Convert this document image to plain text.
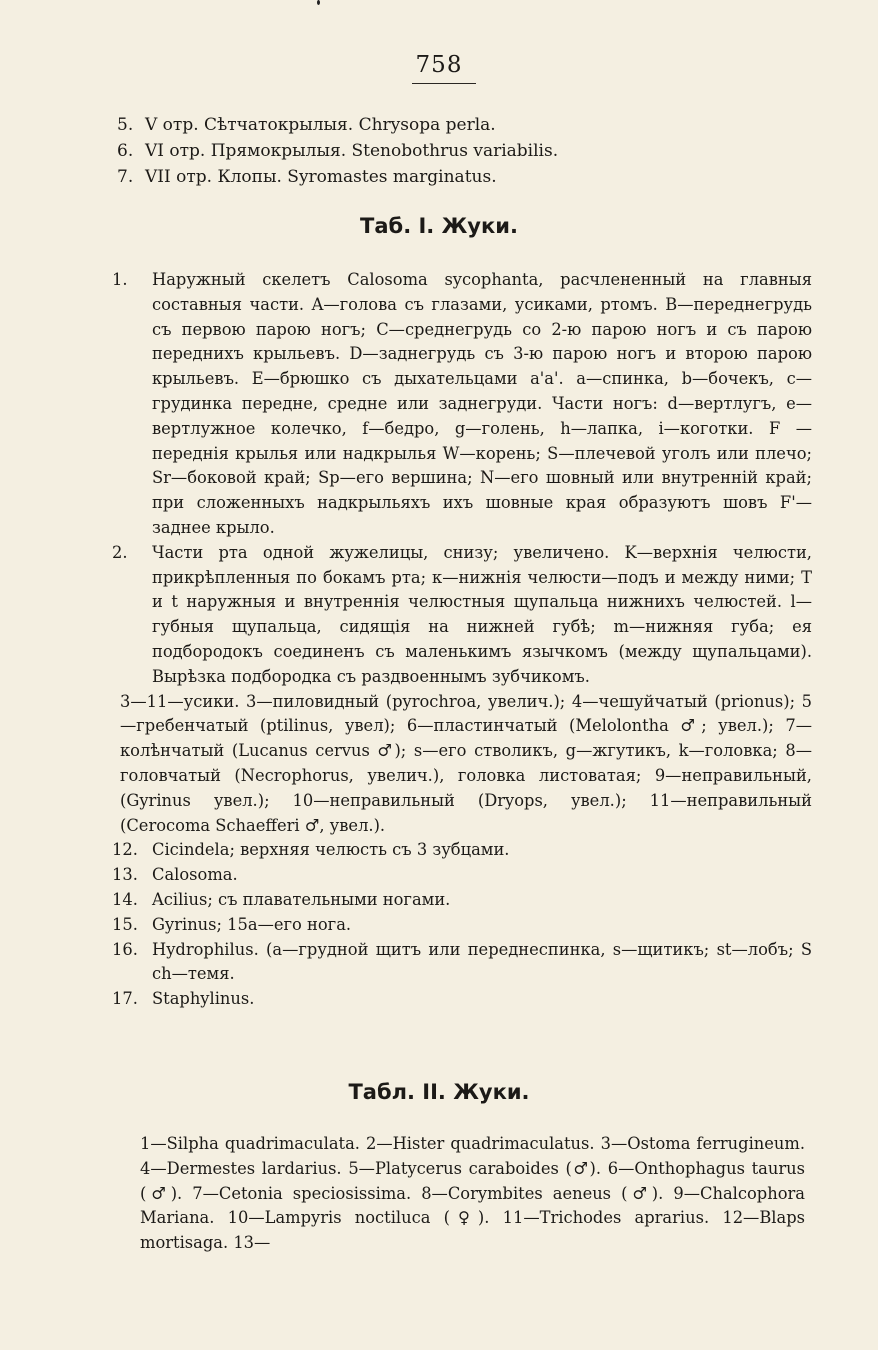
758
5. V отр. Сѣтчатокрылыя. Chrysopa perla.
6. VI отр. Прямокрылыя. Stenobothrus variabilis.
7. VII отр. Клопы. Syromastes marginatus.
Таб. I. Жуки.
1. Наружный скелетъ Calosoma sycophanta, расчлененный на главныя составныя части. A—голова съ глазами, усиками, ртомъ. B—переднегрудь съ первою парою ногъ; C—среднегрудь со 2-ю парою ногъ и съ парою переднихъ крыльевъ. D—заднегрудь съ 3-ю парою ногъ и второю парою крыльевъ. E—брюшко съ дыхательцами a'a'. a—спинка, b—бочекъ, c—грудинка передне, средне или заднегруди. Части ногъ: d—вертлугъ, e—вертлужное колечко, f—бедро, g—голень, h—лапка, i—коготки. F —переднія крылья или надкрылья W—корень; S—плечевой уголъ или плечо; Sr—боковой край; Sp—его вершина; N—его шовный или внутренній край; при сложенныхъ надкрыльяхъ ихъ шовные края образуютъ шовъ F'—заднее крыло.
2. Части рта одной жужелицы, снизу; увеличено. K—верхнія челюсти, прикрѣпленныя по бокамъ рта; к—нижнія челюсти—подъ и между ними; T и t наружныя и внутреннія челюстныя щупальца нижнихъ челюстей. l—губныя щупальца, сидящія на нижней губѣ; m—нижняя губа; ея подбородокъ соединенъ съ маленькимъ язычкомъ (между щупальцами). Вырѣзка подбородка съ раздвоеннымъ зубчикомъ.
3—11—усики. 3—пиловидный (pyrochroa, увелич.); 4—чешуйчатый (prionus); 5—гребенчатый (ptilinus, увел); 6—пластинчатый (Melolontha ♂; увел.); 7—колѣнчатый (Lucanus cervus ♂); s—его стволикъ, g—жгутикъ, k—головка; 8—головчатый (Necrophorus, увелич.), головка листоватая; 9—неправильный, (Gyrinus увел.); 10—неправильный (Dryops, увел.); 11—неправильный (Cerocoma Schaefferi ♂, увел.).
12. Cicindela; верхняя челюсть съ 3 зубцами.
13. Calosoma.
14. Acilius; съ плавательными ногами.
15. Gyrinus; 15a—его нога.
16. Hydrophilus. (a—грудной щитъ или переднеспинка, s—щитикъ; st—лобъ; S ch—темя.
17. Staphylinus.
Табл. II. Жуки.
1—Silpha quadrimaculata. 2—Hister quadrimaculatus. 3—Ostoma ferrugineum. 4—Dermestes lardarius. 5—Platycerus caraboides (♂). 6—Onthophagus taurus (♂). 7—Cetonia speciosissima. 8—Corymbites aeneus (♂). 9—Chalcophora Mariana. 10—Lampyris noctiluca (♀). 11—Trichodes aprarius. 12—Blaps mortisaga. 13—
